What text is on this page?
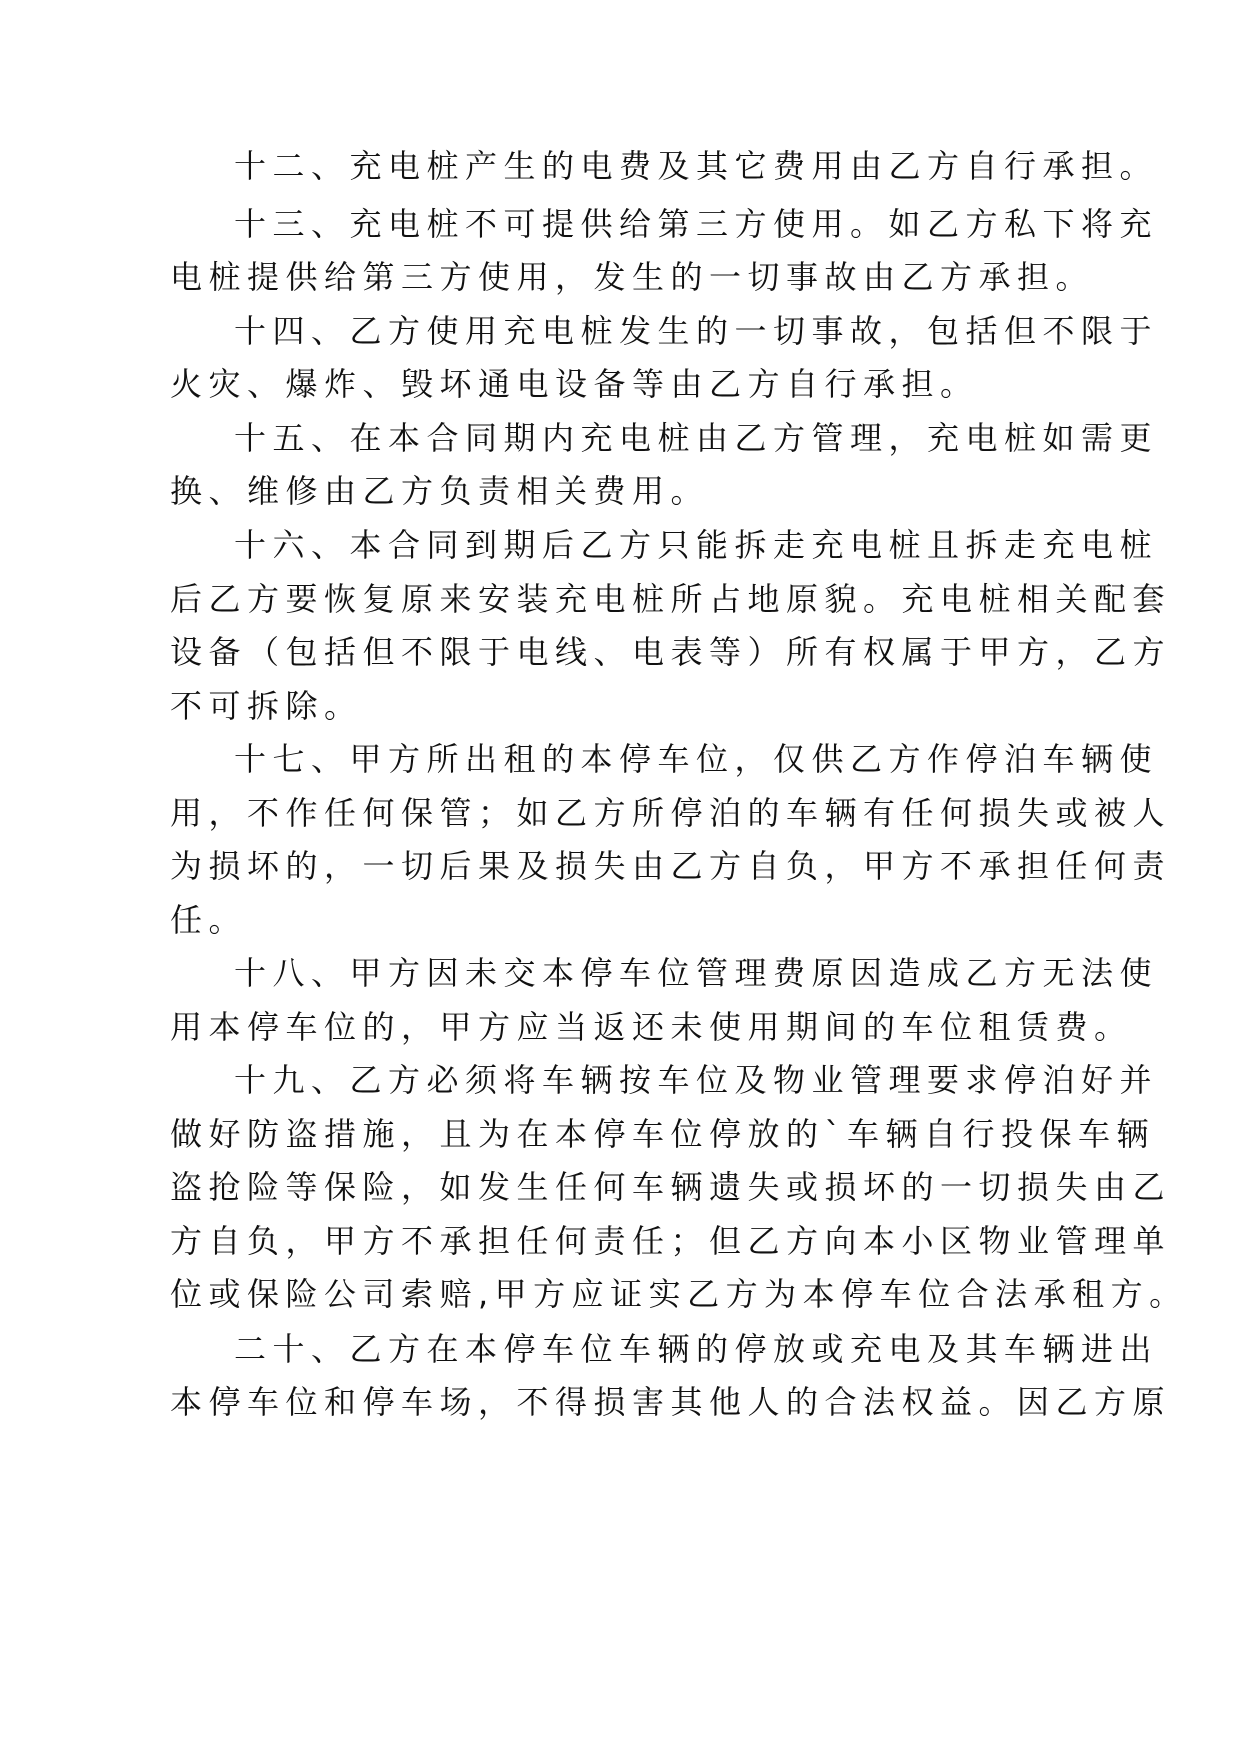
十二、充电桩产生的电费及其它费用由乙方自行承担。
十三、充电桩不可提供给第三方使用。如乙方私下将充
电桩提供给第三方使用，发生的一切事故由乙方承担。
十四、乙方使用充电桩发生的一切事故，包括但不限于
火灾、爆炸、毁坏通电设备等由乙方自行承担。
十五、在本合同期内充电桩由乙方管理，充电桩如需更
换、维修由乙方负责相关费用。
十六、本合同到期后乙方只能拆走充电桩且拆走充电桩
后乙方要恢复原来安装充电桩所占地原貌。充电桩相关配套
设备（包括但不限于电线、电表等）所有权属于甲方，乙方
不可拆除。
十七、甲方所出租的本停车位，仅供乙方作停泊车辆使
用，不作任何保管；如乙方所停泊的车辆有任何损失或被人
为损坏的，一切后果及损失由乙方自负，甲方不承担任何责
任。
十八、甲方因未交本停车位管理费原因造成乙方无法使
用本停车位的，甲方应当返还未使用期间的车位租赁费。
十九、乙方必须将车辆按车位及物业管理要求停泊好并
做好防盗措施，且为在本停车位停放的`车辆自行投保车辆
盗抢险等保险，如发生任何车辆遗失或损坏的一切损失由乙
方自负，甲方不承担任何责任；但乙方向本小区物业管理单
位或保险公司索赔,甲方应证实乙方为本停车位合法承租方。
二十、乙方在本停车位车辆的停放或充电及其车辆进出
本停车位和停车场，不得损害其他人的合法权益。因乙方原
